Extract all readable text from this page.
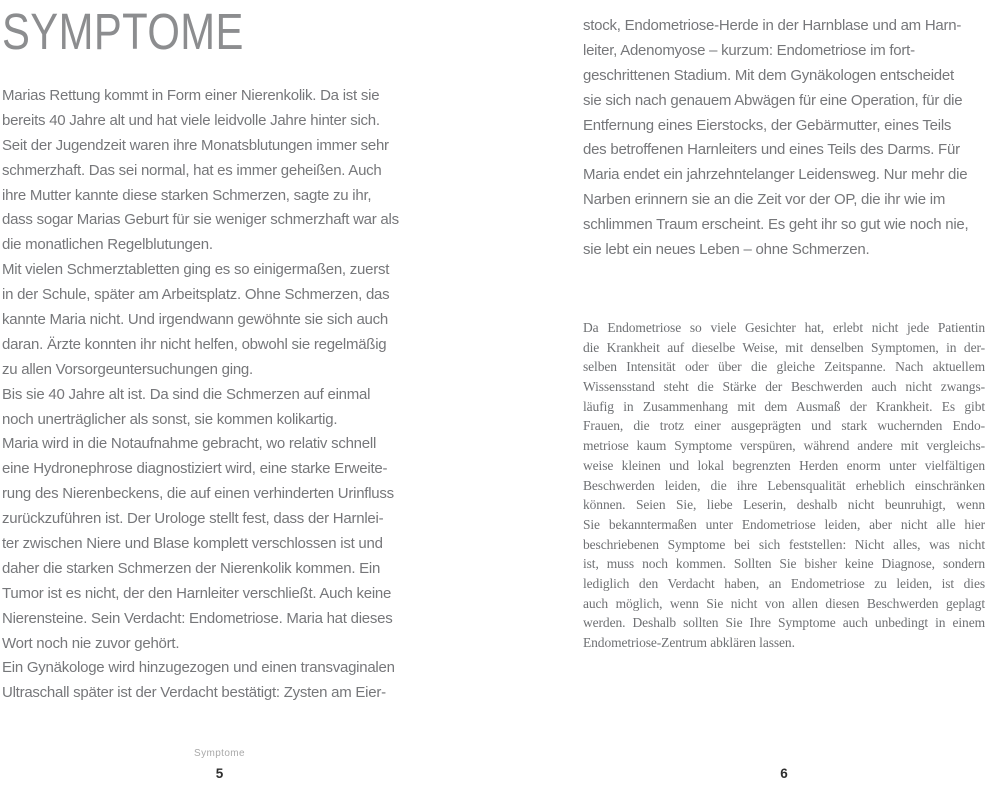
SYMPTOME
Marias Rettung kommt in Form einer Nierenkolik. Da ist sie
bereits 40 Jahre alt und hat viele leidvolle Jahre hinter sich.
Seit der Jugendzeit waren ihre Monatsblutungen immer sehr
schmerzhaft. Das sei normal, hat es immer geheißen. Auch
ihre Mutter kannte diese starken Schmerzen, sagte zu ihr,
dass sogar Marias Geburt für sie weniger schmerzhaft war als
die monatlichen Regelblutungen.
Mit vielen Schmerztabletten ging es so einigermaßen, zuerst
in der Schule, später am Arbeitsplatz. Ohne Schmerzen, das
kannte Maria nicht. Und irgendwann gewöhnte sie sich auch
daran. Ärzte konnten ihr nicht helfen, obwohl sie regelmäßig
zu allen Vorsorgeuntersuchungen ging.
Bis sie 40 Jahre alt ist. Da sind die Schmerzen auf einmal
noch unerträglicher als sonst, sie kommen kolikartig.
Maria wird in die Notaufnahme gebracht, wo relativ schnell
eine Hydronephrose diagnostiziert wird, eine starke Erweite-
rung des Nierenbeckens, die auf einen verhinderten Urinfluss
zurückzuführen ist. Der Urologe stellt fest, dass der Harnlei-
ter zwischen Niere und Blase komplett verschlossen ist und
daher die starken Schmerzen der Nierenkolik kommen. Ein
Tumor ist es nicht, der den Harnleiter verschließt. Auch keine
Nierensteine. Sein Verdacht: Endometriose. Maria hat dieses
Wort noch nie zuvor gehört.
Ein Gynäkologe wird hinzugezogen und einen transvaginalen
Ultraschall später ist der Verdacht bestätigt: Zysten am Eier-
Symptome
5
stock, Endometriose-Herde in der Harnblase und am Harn-
leiter, Adenomyose – kurzum: Endometriose im fort-
geschrittenen Stadium. Mit dem Gynäkologen entscheidet
sie sich nach genauem Abwägen für eine Operation, für die
Entfernung eines Eierstocks, der Gebärmutter, eines Teils
des betroffenen Harnleiters und eines Teils des Darms. Für
Maria endet ein jahrzehntelanger Leidensweg. Nur mehr die
Narben erinnern sie an die Zeit vor der OP, die ihr wie im
schlimmen Traum erscheint. Es geht ihr so gut wie noch nie,
sie lebt ein neues Leben – ohne Schmerzen.
Da Endometriose so viele Gesichter hat, erlebt nicht jede Patientin
die Krankheit auf dieselbe Weise, mit denselben Symptomen, in der-
selben Intensität oder über die gleiche Zeitspanne. Nach aktuellem
Wissensstand steht die Stärke der Beschwerden auch nicht zwangs-
läufig in Zusammenhang mit dem Ausmaß der Krankheit. Es gibt
Frauen, die trotz einer ausgeprägten und stark wuchernden Endo-
metriose kaum Symptome verspüren, während andere mit vergleichs-
weise kleinen und lokal begrenzten Herden enorm unter vielfältigen
Beschwerden leiden, die ihre Lebensqualität erheblich einschränken
können. Seien Sie, liebe Leserin, deshalb nicht beunruhigt, wenn
Sie bekanntermaßen unter Endometriose leiden, aber nicht alle hier
beschriebenen Symptome bei sich feststellen: Nicht alles, was nicht
ist, muss noch kommen. Sollten Sie bisher keine Diagnose, sondern
lediglich den Verdacht haben, an Endometriose zu leiden, ist dies
auch möglich, wenn Sie nicht von allen diesen Beschwerden geplagt
werden. Deshalb sollten Sie Ihre Symptome auch unbedingt in einem
Endometriose-Zentrum abklären lassen.
6
